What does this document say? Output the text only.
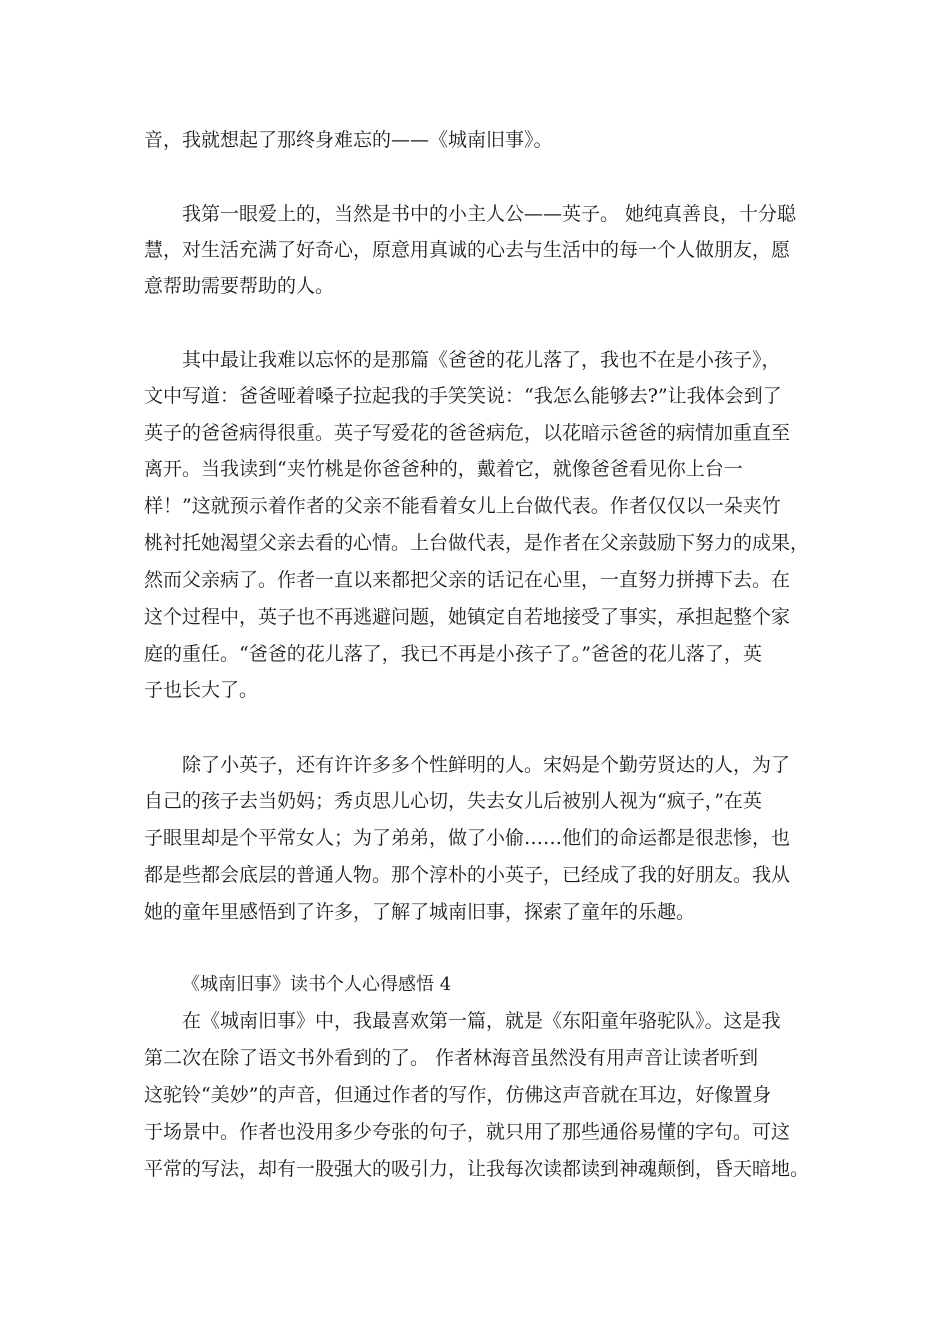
音，我就想起了那终身难忘的——《城南旧事》。
我第一眼爱上的，当然是书中的小主人公——英子。 她纯真善良，十分聪
慧，对生活充满了好奇心，原意用真诚的心去与生活中的每一个人做朋友，愿
意帮助需要帮助的人。
其中最让我难以忘怀的是那篇《爸爸的花儿落了，我也不在是小孩子》，
文中写道：爸爸哑着嗓子拉起我的手笑笑说：“我怎么能够去?”让我体会到了
英子的爸爸病得很重。英子写爱花的爸爸病危，以花暗示爸爸的病情加重直至
离开。当我读到“夹竹桃是你爸爸种的，戴着它，就像爸爸看见你上台一
样！”这就预示着作者的父亲不能看着女儿上台做代表。作者仅仅以一朵夹竹
桃衬托她渴望父亲去看的心情。上台做代表，是作者在父亲鼓励下努力的成果，
然而父亲病了。作者一直以来都把父亲的话记在心里，一直努力拼搏下去。在
这个过程中，英子也不再逃避问题，她镇定自若地接受了事实，承担起整个家
庭的重任。“爸爸的花儿落了，我已不再是小孩子了。”爸爸的花儿落了，英
子也长大了。
除了小英子，还有许许多多个性鲜明的人。宋妈是个勤劳贤达的人，为了
自己的孩子去当奶妈；秀贞思儿心切，失去女儿后被别人视为“疯子，”在英
子眼里却是个平常女人；为了弟弟，做了小偷……他们的命运都是很悲惨，也
都是些都会底层的普通人物。那个淳朴的小英子，已经成了我的好朋友。我从
她的童年里感悟到了许多，了解了城南旧事，探索了童年的乐趣。
《城南旧事》读书个人心得感悟 4
在《城南旧事》中，我最喜欢第一篇，就是《东阳童年骆驼队》。这是我
第二次在除了语文书外看到的了。 作者林海音虽然没有用声音让读者听到
这驼铃“美妙”的声音，但通过作者的写作，仿佛这声音就在耳边，好像置身
于场景中。作者也没用多少夸张的句子，就只用了那些通俗易懂的字句。可这
平常的写法，却有一股强大的吸引力，让我每次读都读到神魂颠倒，昏天暗地。
